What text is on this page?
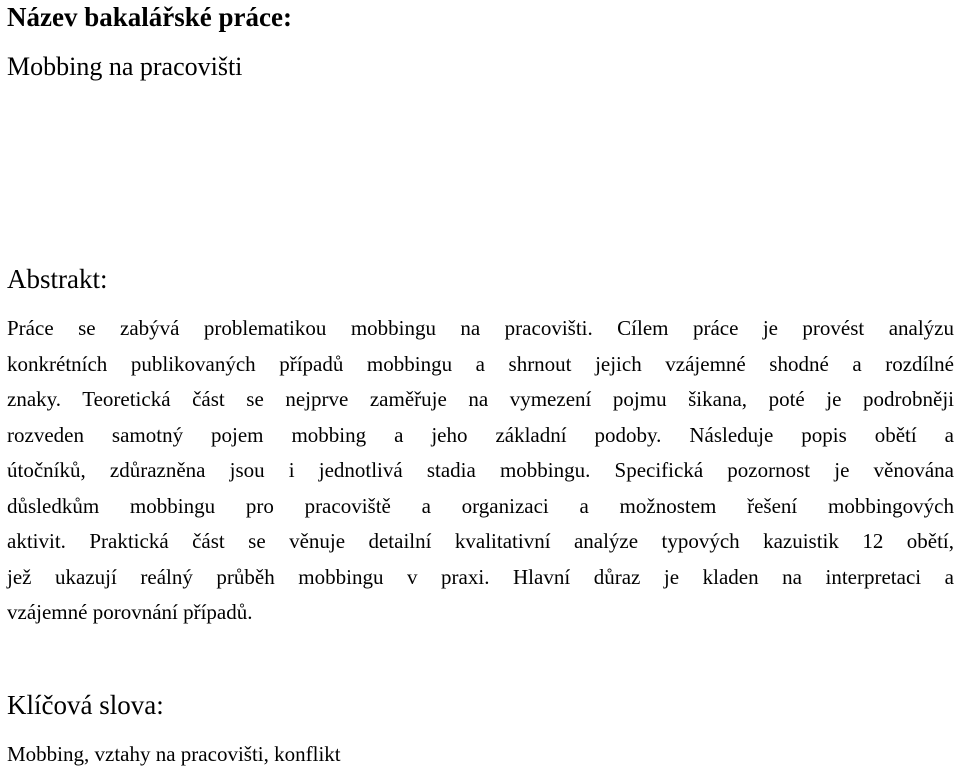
Název bakalářské práce:

Mobbing na pracovišti

Abstrakt:
Práce se zabývá problematikou mobbingu na pracovišti. Cílem práce je provést analýzu
konkrétních publikovaných případů mobbingu a shrnout jejich vzájemné shodné a rozdílné
znaky. Teoretická část se nejprve zaměřuje na vymezení pojmu šikana, poté je podrobněji
rozveden samotný pojem mobbing a jeho základní podoby. Následuje popis obětí a
útočníků, zdůrazněna jsou i jednotlivá stadia mobbingu. Specifická pozornost je věnována
důsledkům mobbingu pro pracoviště a organizaci a možnostem řešení mobbingových
aktivit. Praktická část se věnuje detailní kvalitativní analýze typových kazuistik 12 obětí,
jež ukazují reálný průběh mobbingu v praxi. Hlavní důraz je kladen na interpretaci a
vzájemné porovnání případů.
Klíčová slova:

Mobbing, vztahy na pracovišti, konflikt
